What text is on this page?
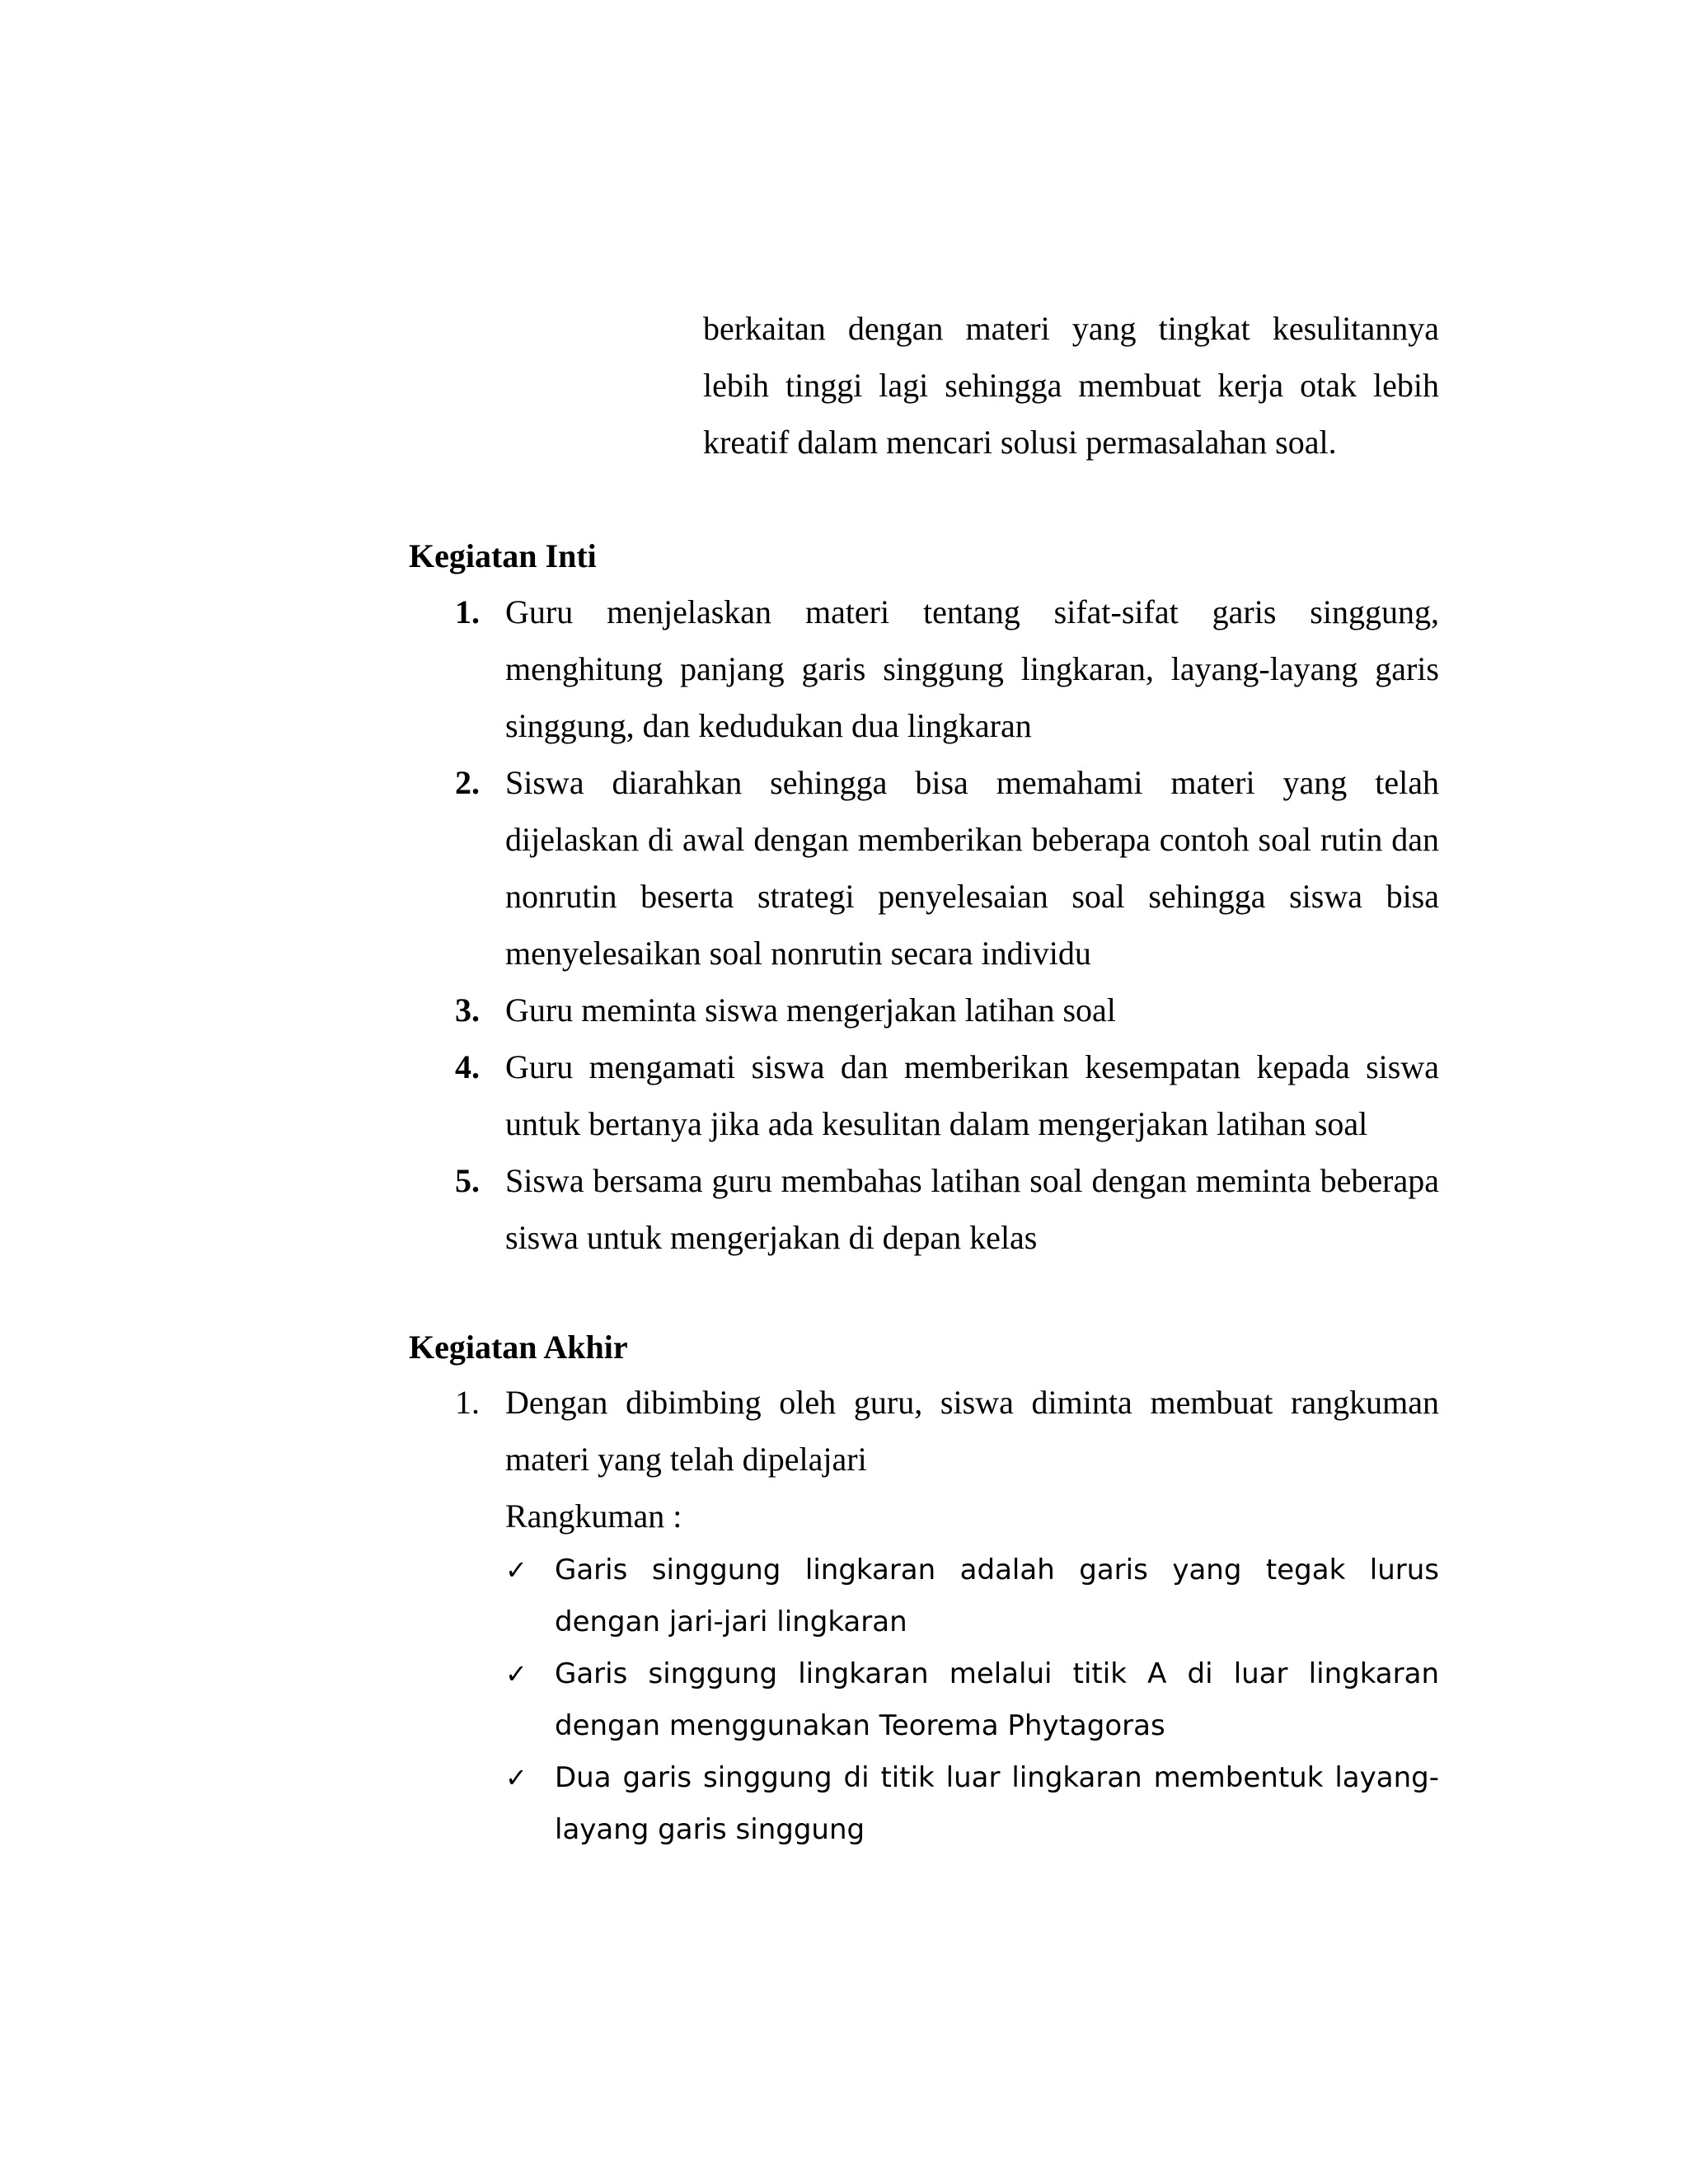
berkaitan dengan materi yang tingkat kesulitannya lebih tinggi lagi sehingga membuat kerja otak lebih kreatif dalam mencari solusi permasalahan soal.
Kegiatan Inti
1. Guru menjelaskan materi tentang sifat-sifat garis singgung, menghitung panjang garis singgung lingkaran, layang-layang garis singgung, dan kedudukan dua lingkaran
2. Siswa diarahkan sehingga bisa memahami materi yang telah dijelaskan di awal dengan memberikan beberapa contoh soal rutin dan nonrutin beserta strategi penyelesaian soal sehingga siswa bisa menyelesaikan soal nonrutin secara individu
3. Guru meminta siswa mengerjakan latihan soal
4. Guru mengamati siswa dan memberikan kesempatan kepada siswa untuk bertanya jika ada kesulitan dalam mengerjakan latihan soal
5. Siswa bersama guru membahas latihan soal dengan meminta beberapa siswa untuk mengerjakan di depan kelas
Kegiatan Akhir
1. Dengan dibimbing oleh guru, siswa diminta membuat rangkuman materi yang telah dipelajari
Rangkuman :
✓ Garis singgung lingkaran adalah garis yang tegak lurus dengan jari-jari lingkaran
✓ Garis singgung lingkaran melalui titik A di luar lingkaran dengan menggunakan Teorema Phytagoras
✓ Dua garis singgung di titik luar lingkaran membentuk layang-layang garis singgung
